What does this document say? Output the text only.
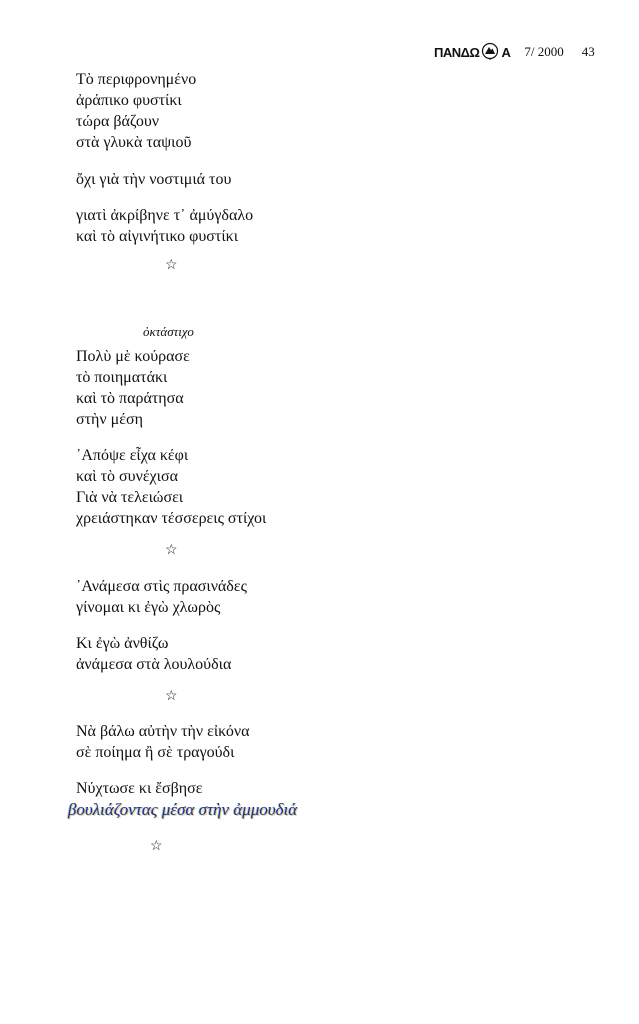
ΠΑΝΔΩ Α 7/ 2000 43
Τὸ περιφρονημένο
ἀράπικο φυστίκι
τώρα βάζουν
στὰ γλυκὰ ταψιοῦ
ὄχι γιὰ τὴν νοστιμιά του
γιατὶ ἀκρίβηνε τ᾽ ἀμύγδαλο
καὶ τὸ αἰγινήτικο φυστίκι
☆
ὀκτάστιχο
Πολὺ μὲ κούρασε
τὸ ποιηματάκι
καὶ τὸ παράτησα
στὴν μέση
᾽Απόψε εἶχα κέφι
καὶ τὸ συνέχισα
Γιὰ νὰ τελειώσει
χρειάστηκαν τέσσερεις στίχοι
☆
᾽Ανάμεσα στὶς πρασινάδες
γίνομαι κι ἐγὼ χλωρὸς
Κι ἐγὼ ἀνθίζω
ἀνάμεσα στὰ λουλούδια
☆
Νὰ βάλω αὐτὴν τὴν εἰκόνα
σὲ ποίημα ἢ σὲ τραγούδι
Νύχτωσε κι ἔσβησε
βουλιάζοντας μέσα στὴν ἀμμουδιά
☆
